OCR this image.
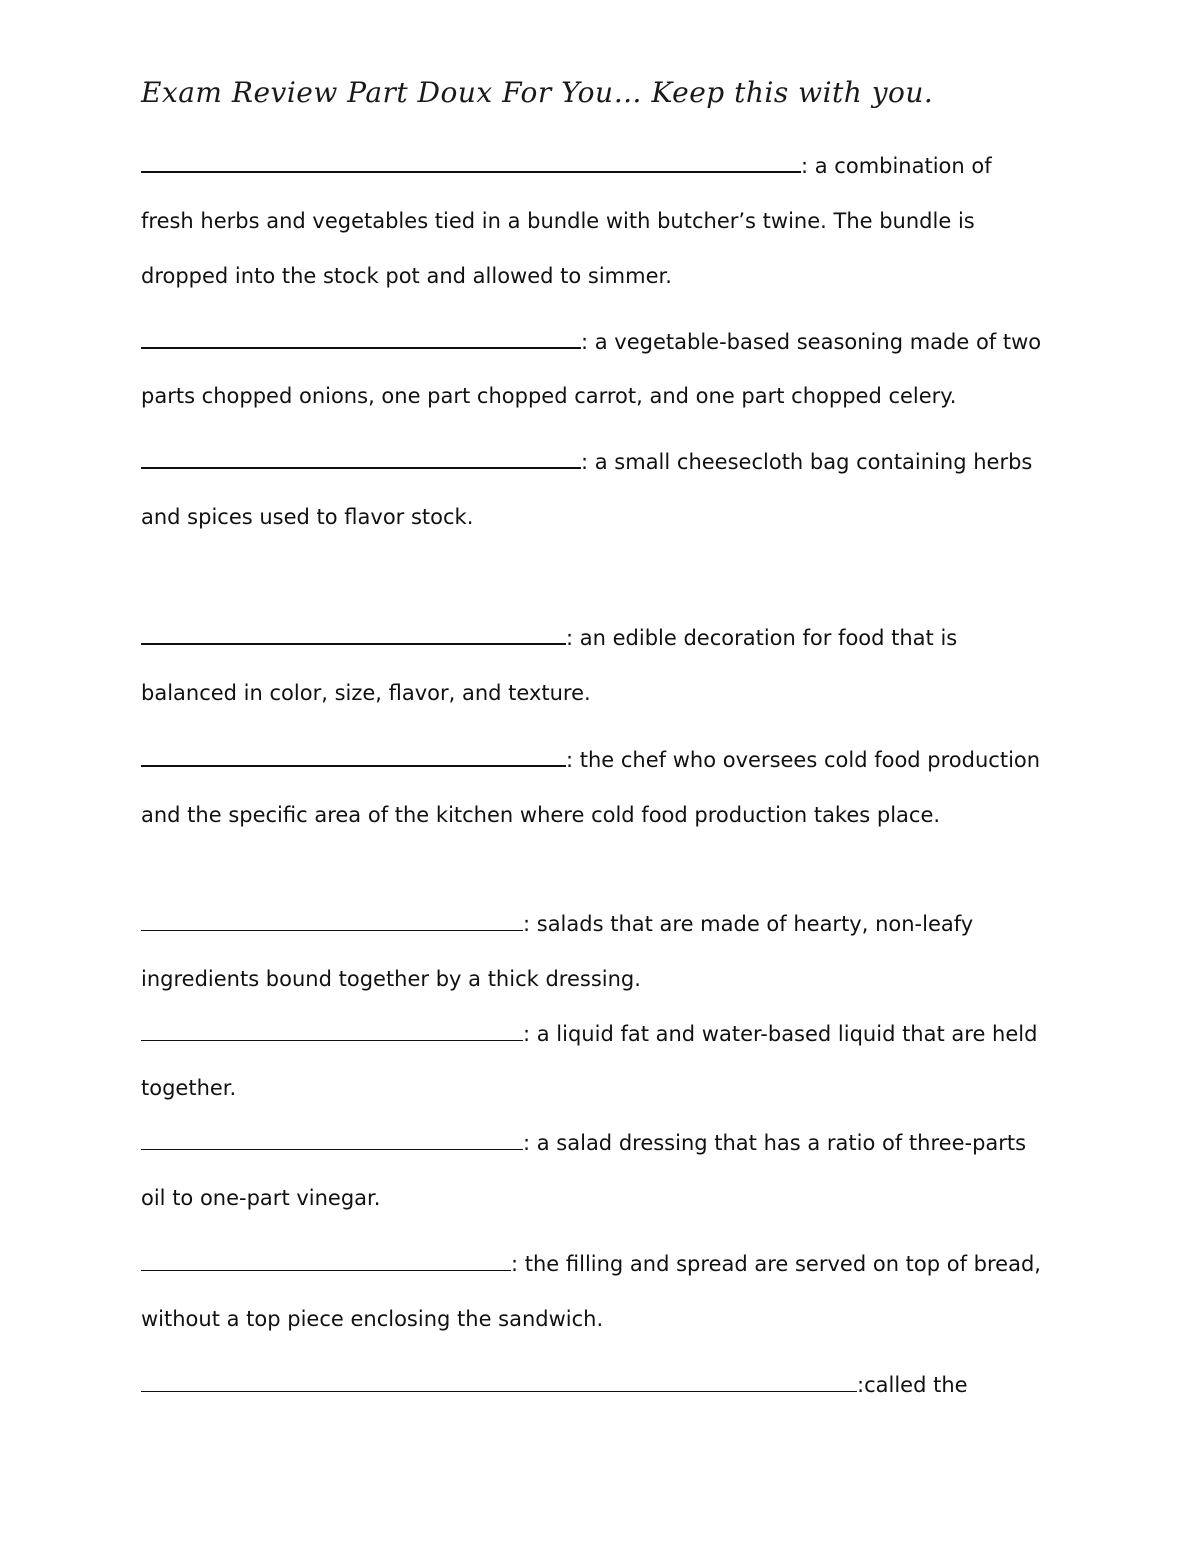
Exam Review Part Doux For You… Keep this with you.
: a combination of
fresh herbs and vegetables tied in a bundle with butcher’s twine. The bundle is
dropped into the stock pot and allowed to simmer.
: a vegetable-based seasoning made of two
parts chopped onions, one part chopped carrot, and one part chopped celery.
: a small cheesecloth bag containing herbs
and spices used to flavor stock.
: an edible decoration for food that is
balanced in color, size, flavor, and texture.
: the chef who oversees cold food production
and the specific area of the kitchen where cold food production takes place.
: salads that are made of hearty, non-leafy
ingredients bound together by a thick dressing.
: a liquid fat and water-based liquid that are held
together.
: a salad dressing that has a ratio of three-parts
oil to one-part vinegar.
: the filling and spread are served on top of bread,
without a top piece enclosing the sandwich.
:called the
